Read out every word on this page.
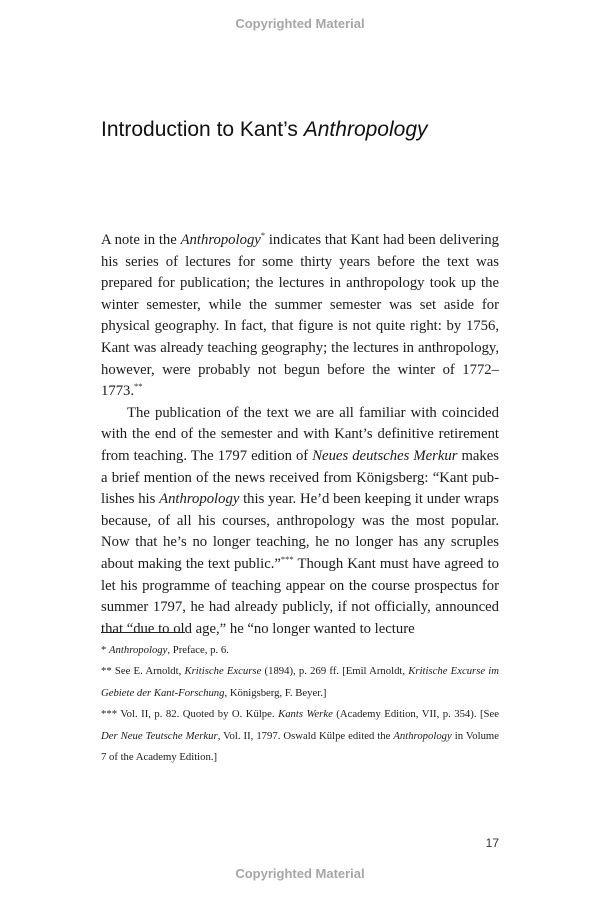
Copyrighted Material
Introduction to Kant’s Anthropology

A note in the Anthropology* indicates that Kant had been delivering his series of lectures for some thirty years before the text was prepared for publication; the lectures in anthropology took up the winter semester, while the summer semester was set aside for physical geography. In fact, that figure is not quite right: by 1756, Kant was already teaching geography; the lectures in anthropology, however, were probably not begun before the winter of 1772–1773.**

The publication of the text we are all familiar with coincided with the end of the semester and with Kant’s definitive retirement from teaching. The 1797 edition of Neues deutsches Merkur makes a brief mention of the news received from Königsberg: “Kant publishes his Anthropology this year. He’d been keeping it under wraps because, of all his courses, anthropology was the most popular. Now that he’s no longer teaching, he no longer has any scruples about making the text public.”*** Though Kant must have agreed to let his programme of teaching appear on the course prospectus for summer 1797, he had already publicly, if not officially, announced that “due to old age,” he “no longer wanted to lecture

* Anthropology, Preface, p. 6.

** See E. Arnoldt, Kritische Excurse (1894), p. 269 ff. [Emil Arnoldt, Kritische Excurse im Gebiete der Kant-Forschung, Königsberg, F. Beyer.]

*** Vol. II, p. 82. Quoted by O. Külpe. Kants Werke (Academy Edition, VII, p. 354). [See Der Neue Teutsche Merkur, Vol. II, 1797. Oswald Külpe edited the Anthropology in Volume 7 of the Academy Edition.]

17
Copyrighted Material
